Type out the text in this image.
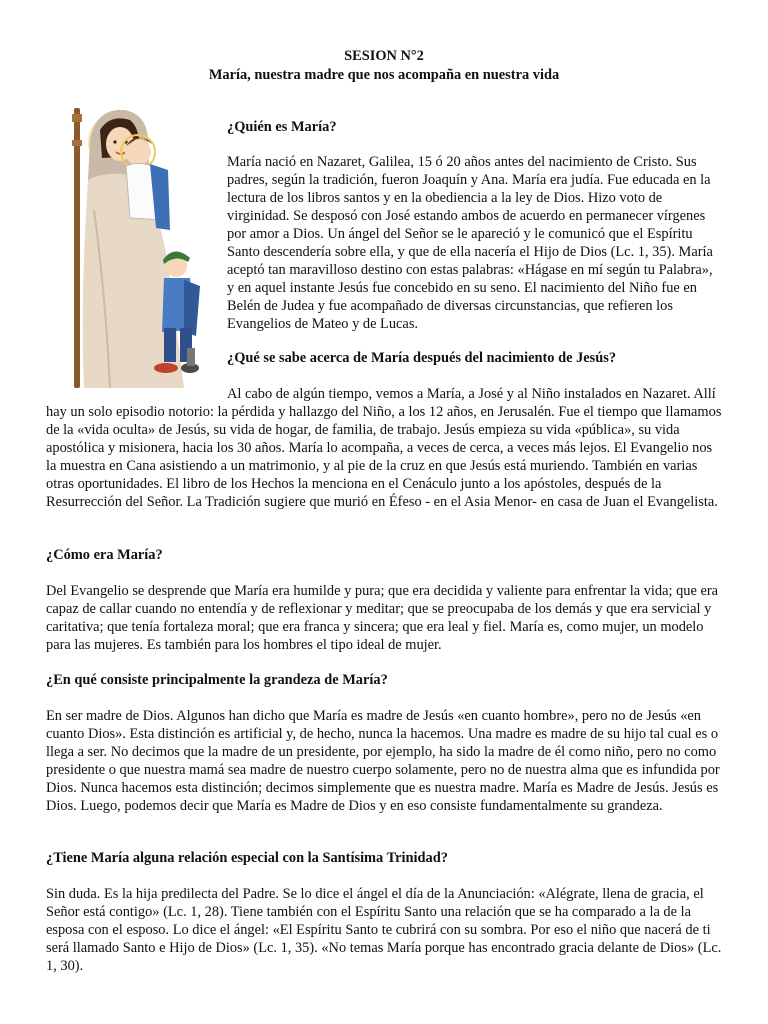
SESION N°2
María, nuestra madre que nos acompaña en nuestra vida
¿Quién es María?

María nació en Nazaret, Galilea, 15 ó 20 años antes del nacimiento de Cristo. Sus padres, según la tradición, fueron Joaquín y Ana. María era judía. Fue educada en la lectura de los libros santos y en la obediencia a la ley de Dios. Hizo voto de virginidad. Se desposó con José estando ambos de acuerdo en permanecer vírgenes por amor a Dios. Un ángel del Señor se le apareció y le comunicó que el Espíritu Santo descendería sobre ella, y que de ella nacería el Hijo de Dios (Lc. 1, 35). María aceptó tan maravilloso destino con estas palabras: «Hágase en mí según tu Palabra», y en aquel instante Jesús fue concebido en su seno. El nacimiento del Niño fue en Belén de Judea y fue acompañado de diversas circunstancias, que refieren los Evangelios de Mateo y de Lucas.

¿Qué se sabe acerca de María después del nacimiento de Jesús?

Al cabo de algún tiempo, vemos a María, a José y al Niño instalados en Nazaret. Allí hay un solo episodio notorio: la pérdida y hallazgo del Niño, a los 12 años, en Jerusalén. Fue el tiempo que llamamos de la «vida oculta» de Jesús, su vida de hogar, de familia, de trabajo. Jesús empieza su vida «pública», su vida apostólica y misionera, hacia los 30 años. María lo acompaña, a veces de cerca, a veces más lejos. El Evangelio nos la muestra en Cana asistiendo a un matrimonio, y al pie de la cruz en que Jesús está muriendo. También en varias otras oportunidades. El libro de los Hechos la menciona en el Cenáculo junto a los apóstoles, después de la Resurrección del Señor. La Tradición sugiere que murió en Éfeso - en el Asia Menor- en casa de Juan el Evangelista.

¿Cómo era María?

Del Evangelio se desprende que María era humilde y pura; que era decidida y valiente para enfrentar la vida; que era capaz de callar cuando no entendía y de reflexionar y meditar; que se preocupaba de los demás y que era servicial y caritativa; que tenía fortaleza moral; que era franca y sincera; que era leal y fiel. María es, como mujer, un modelo para las mujeres. Es también para los hombres el tipo ideal de mujer.

¿En qué consiste principalmente la grandeza de María?

En ser madre de Dios. Algunos han dicho que María es madre de Jesús «en cuanto hombre», pero no de Jesús «en cuanto Dios». Esta distinción es artificial y, de hecho, nunca la hacemos. Una madre es madre de su hijo tal cual es o llega a ser. No decimos que la madre de un presidente, por ejemplo, ha sido la madre de él como niño, pero no como presidente o que nuestra mamá sea madre de nuestro cuerpo solamente, pero no de nuestra alma que es infundida por Dios. Nunca hacemos esta distinción; decimos simplemente que es nuestra madre. María es Madre de Jesús. Jesús es Dios. Luego, podemos decir que María es Madre de Dios y en eso consiste fundamentalmente su grandeza.

¿Tiene María alguna relación especial con la Santísima Trinidad?

Sin duda. Es la hija predilecta del Padre. Se lo dice el ángel el día de la Anunciación: «Alégrate, llena de gracia, el Señor está contigo» (Lc. 1, 28). Tiene también con el Espíritu Santo una relación que se ha comparado a la de la esposa con el esposo. Lo dice el ángel: «El Espíritu Santo te cubrirá con su sombra. Por eso el niño que nacerá de ti será llamado Santo e Hijo de Dios» (Lc. 1, 35). «No temas María porque has encontrado gracia delante de Dios» (Lc. 1, 30).
